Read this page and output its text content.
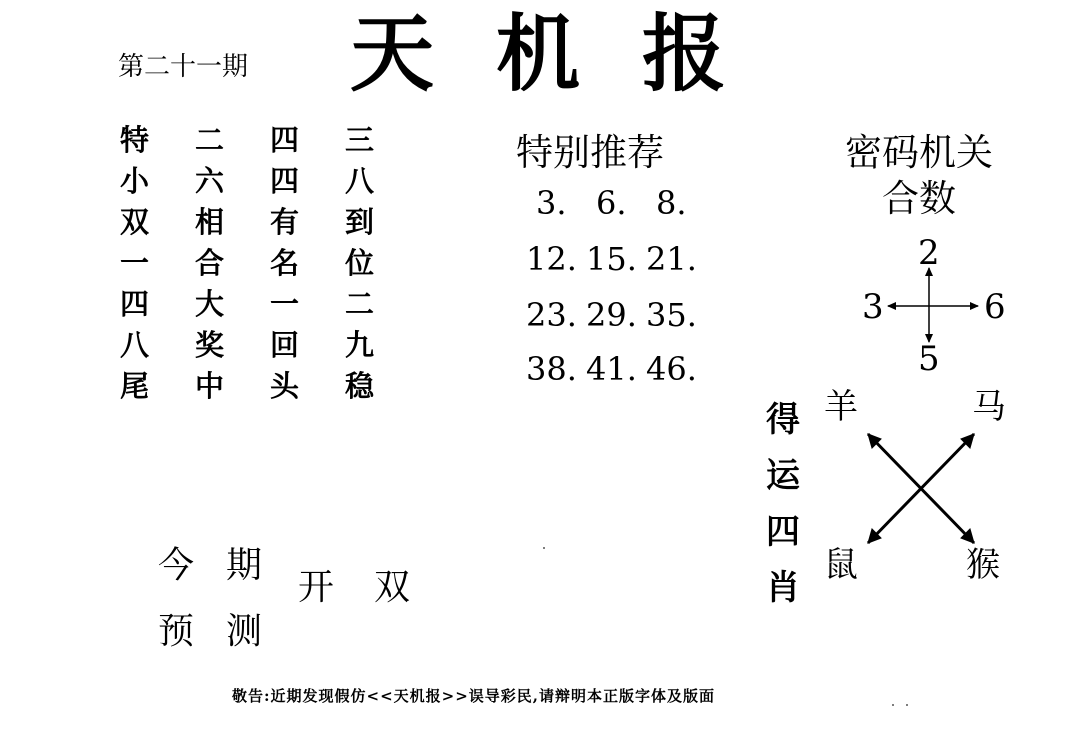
第二十一期 天机报
特	二	四	三
小	六	四	八
双	相	有	到
一	合	名	位
四	大	一	二
八	奖	回	九
尾	中	头	稳
特别推荐
3. 6. 8.
12. 15. 21.
23. 29. 35.
38. 41. 46.
密码机关
合数
2
3	6
5
得运四肖
羊	马
鼠	猴
今 期
预 测
开 双
敬告:近期发现假仿<<天机报>>误导彩民,请辩明本正版字体及版面
